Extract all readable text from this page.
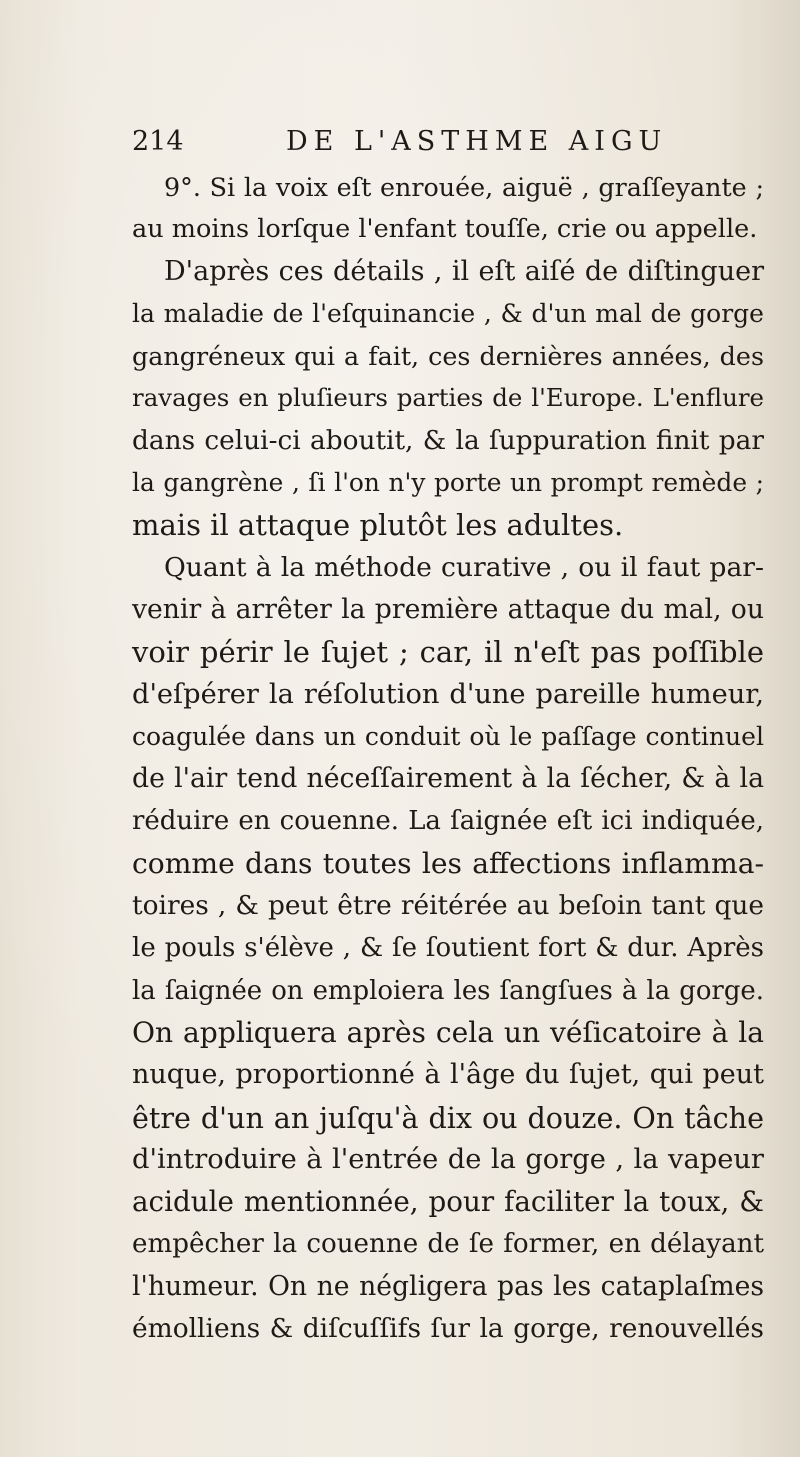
214	DE L'ASTHME AIGU
9°. Si la voix eſt enrouée, aiguë , graſſeyante ;
au moins lorſque l'enfant touſſe, crie ou appelle.
D'après ces détails , il eſt aiſé de diſtinguer
la maladie de l'eſquinancie , & d'un mal de gorge
gangréneux qui a fait, ces dernières années, des
ravages en pluſieurs parties de l'Europe. L'enflure
dans celui-ci aboutit, & la ſuppuration finit par
la gangrène , ſi l'on n'y porte un prompt remède ;
mais il attaque plutôt les adultes.
Quant à la méthode curative , ou il faut par-
venir à arrêter la première attaque du mal, ou
voir périr le ſujet ; car, il n'eſt pas poſſible
d'eſpérer la réſolution d'une pareille humeur,
coagulée dans un conduit où le paſſage continuel
de l'air tend néceſſairement à la ſécher, & à la
réduire en couenne. La ſaignée eſt ici indiquée,
comme dans toutes les affections inflamma-
toires , & peut être réitérée au beſoin tant que
le pouls s'élève , & ſe ſoutient fort & dur. Après
la ſaignée on emploiera les ſangſues à la gorge.
On appliquera après cela un véſicatoire à la
nuque, proportionné à l'âge du ſujet, qui peut
être d'un an juſqu'à dix ou douze. On tâche
d'introduire à l'entrée de la gorge , la vapeur
acidule mentionnée, pour faciliter la toux, &
empêcher la couenne de ſe former, en délayant
l'humeur. On ne négligera pas les cataplaſmes
émolliens & diſcuſſifs ſur la gorge, renouvellés
